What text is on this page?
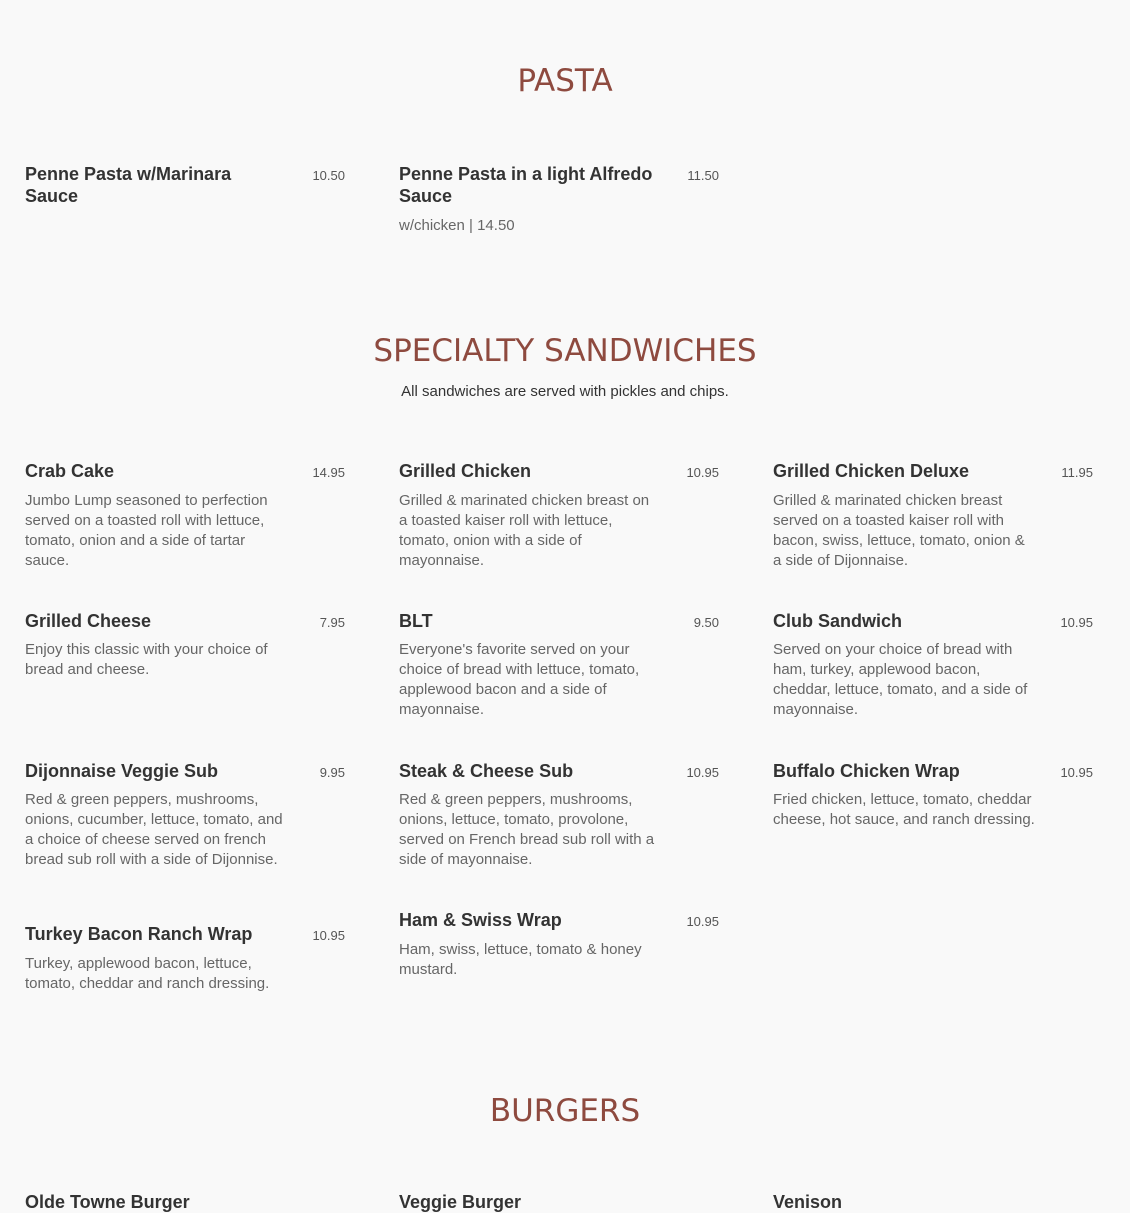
PASTA
Penne Pasta w/Marinara Sauce
10.50	Penne Pasta in a light Alfredo Sauce
11.50
w/chicken | 14.50
SPECIALTY SANDWICHES
All sandwiches are served with pickles and chips.
Crab Cake	14.95
Jumbo Lump seasoned to perfection served on a toasted roll with lettuce, tomato, onion and a side of tartar sauce.
Grilled Chicken	10.95
Grilled & marinated chicken breast on a toasted kaiser roll with lettuce, tomato, onion with a side of mayonnaise.
Grilled Chicken Deluxe	11.95
Grilled & marinated chicken breast served on a toasted kaiser roll with bacon, swiss, lettuce, tomato, onion & a side of Dijonnaise.
Grilled Cheese	7.95
Enjoy this classic with your choice of bread and cheese.
BLT	9.50
Everyone's favorite served on your choice of bread with lettuce, tomato, applewood bacon and a side of mayonnaise.
Club Sandwich	10.95
Served on your choice of bread with ham, turkey, applewood bacon, cheddar, lettuce, tomato, and a side of mayonnaise.
Dijonnaise Veggie Sub	9.95
Red & green peppers, mushrooms, onions, cucumber, lettuce, tomato, and a choice of cheese served on french bread sub roll with a side of Dijonnise.
Steak & Cheese Sub	10.95
Red & green peppers, mushrooms, onions, lettuce, tomato, provolone, served on French bread sub roll with a side of mayonnaise.
Buffalo Chicken Wrap	10.95
Fried chicken, lettuce, tomato, cheddar cheese, hot sauce, and ranch dressing.
Turkey Bacon Ranch Wrap	10.95
Turkey, applewood bacon, lettuce, tomato, cheddar and ranch dressing.
Ham & Swiss Wrap	10.95
Ham, swiss, lettuce, tomato & honey mustard.
BURGERS
Olde Towne Burger	Veggie Burger	Venison
